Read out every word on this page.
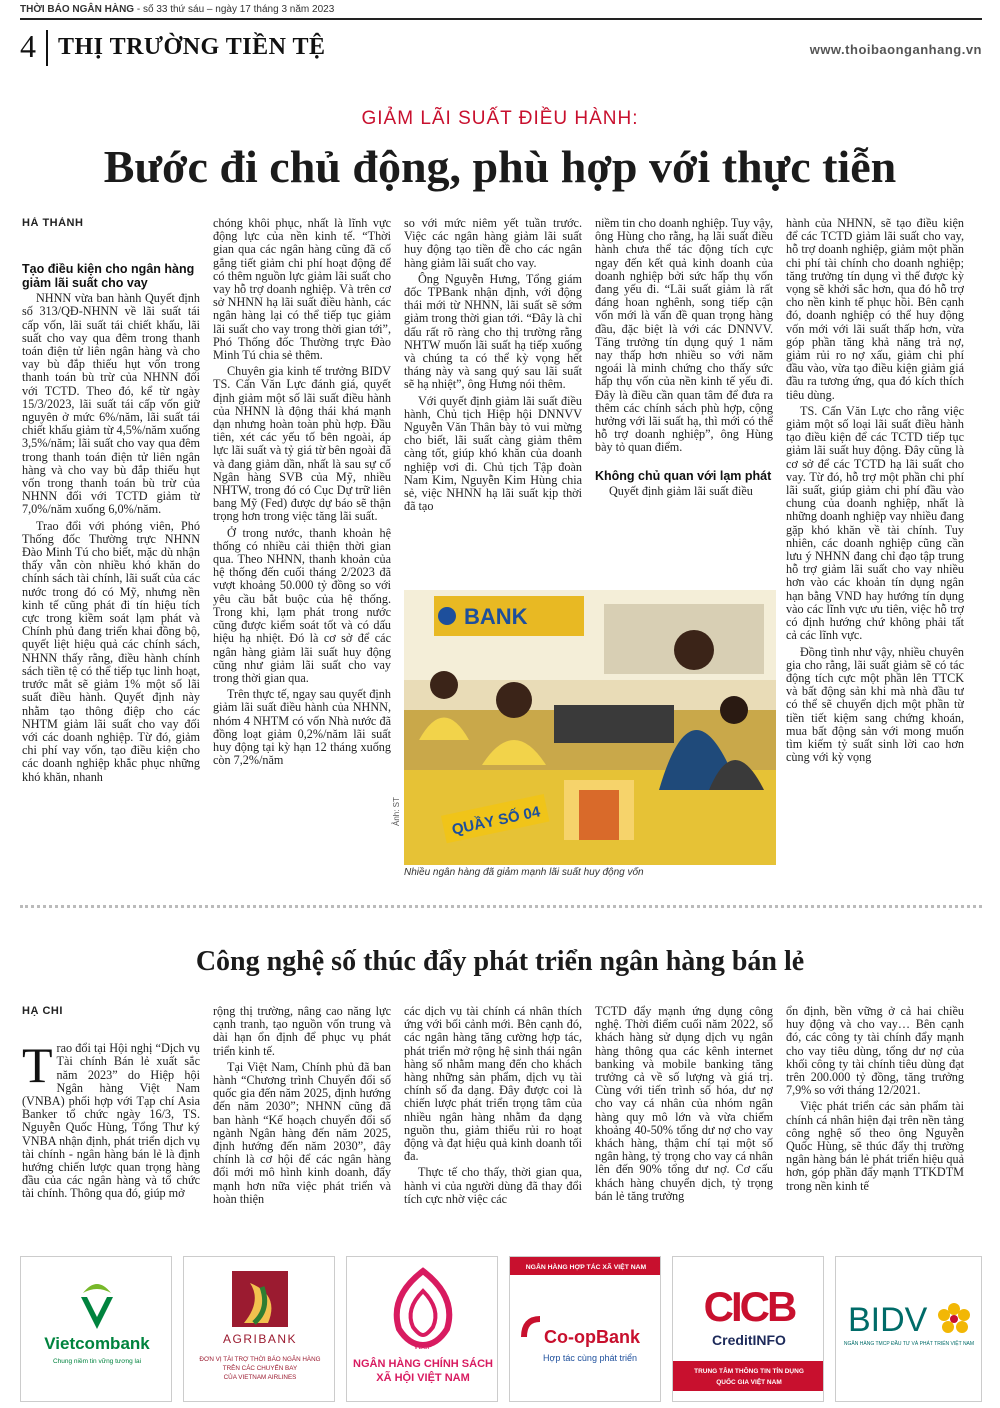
THỜI BÁO NGÂN HÀNG - số 33 thứ sáu – ngày 17 tháng 3 năm 2023
4 THỊ TRƯỜNG TIỀN TỆ	www.thoibaonganhang.vn
GIẢM LÃI SUẤT ĐIỀU HÀNH:
Bước đi chủ động, phù hợp với thực tiễn
HÀ THÀNH
Tạo điều kiện cho ngân hàng giảm lãi suất cho vay

NHNN vừa ban hành Quyết định số 313/QĐ-NHNN về lãi suất tái cấp vốn, lãi suất tái chiết khấu, lãi suất cho vay qua đêm trong thanh toán điện tử liên ngân hàng và cho vay bù đắp thiếu hụt vốn trong thanh toán bù trừ của NHNN đối với TCTD. Theo đó, kể từ ngày 15/3/2023, lãi suất tái cấp vốn giữ nguyên ở mức 6%/năm, lãi suất tái chiết khấu giảm từ 4,5%/năm xuống 3,5%/năm; lãi suất cho vay qua đêm trong thanh toán điện tử liên ngân hàng và cho vay bù đắp thiếu hụt vốn trong thanh toán bù trừ của NHNN đối với TCTD giảm từ 7,0%/năm xuống 6,0%/năm.

Trao đổi với phóng viên, Phó Thống đốc Thường trực NHNN Đào Minh Tú cho biết, mặc dù nhận thấy vẫn còn nhiều khó khăn do chính sách tài chính, lãi suất của các nước trong đó có Mỹ, nhưng nền kinh tế cũng phát đi tín hiệu tích cực trong kiềm soát lạm phát và Chính phủ đang triển khai đồng bộ, quyết liệt hiệu quả các chính sách, NHNN thấy rằng, điều hành chính sách tiền tệ có thể tiếp tục linh hoạt, trước mắt sẽ giảm 1% một số lãi suất điều hành. Quyết định này nhằm tạo thông điệp cho các NHTM giảm lãi suất cho vay đối với các doanh nghiệp. Từ đó, giảm chi phí vay vốn, tạo điều kiện cho các doanh nghiệp khắc phục những khó khăn, nhanh

chóng khôi phục, nhất là lĩnh vực động lực của nền kinh tế. “Thời gian qua các ngân hàng cũng đã cố gắng tiết giảm chi phí hoạt động để có thêm nguồn lực giảm lãi suất cho vay hỗ trợ doanh nghiệp. Và trên cơ sở NHNN hạ lãi suất điều hành, các ngân hàng lại có thể tiếp tục giảm lãi suất cho vay trong thời gian tới”, Phó Thống đốc Thường trực Đào Minh Tú chia sẻ thêm.

Chuyên gia kinh tế trưởng BIDV TS. Cấn Văn Lực đánh giá, quyết định giảm một số lãi suất điều hành của NHNN là động thái khá mạnh dạn nhưng hoàn toàn phù hợp. Đầu tiên, xét các yếu tố bên ngoài, áp lực lãi suất và tỷ giá từ bên ngoài đã và đang giảm dần, nhất là sau sự cố Ngân hàng SVB của Mỹ, nhiều NHTW, trong đó có Cục Dự trữ liên bang Mỹ (Fed) được dự báo sẽ thận trọng hơn trong việc tăng lãi suất.

Ở trong nước, thanh khoản hệ thống có nhiều cải thiện thời gian qua. Theo NHNN, thanh khoản của hệ thống đến cuối tháng 2/2023 đã vượt khoảng 50.000 tỷ đồng so với yêu cầu bắt buộc của hệ thống. Trong khi, lạm phát trong nước cũng được kiểm soát tốt và có dấu hiệu hạ nhiệt. Đó là cơ sở để các ngân hàng giảm lãi suất huy động cũng như giảm lãi suất cho vay trong thời gian qua.

Trên thực tế, ngay sau quyết định giảm lãi suất điều hành của NHNN, nhóm 4 NHTM có vốn Nhà nước đã đồng loạt giảm 0,2%/năm lãi suất huy động tại kỳ hạn 12 tháng xuống còn 7,2%/năm

so với mức niêm yết tuần trước. Việc các ngân hàng giảm lãi suất huy động tạo tiền đề cho các ngân hàng giảm lãi suất cho vay.

Ông Nguyễn Hưng, Tổng giám đốc TPBank nhận định, với động thái mới từ NHNN, lãi suất sẽ sớm giảm trong thời gian tới. “Đây là chỉ dấu rất rõ ràng cho thị trường rằng NHTW muốn lãi suất hạ tiếp xuống và chúng ta có thể kỳ vọng hết tháng này và sang quý sau lãi suất sẽ hạ nhiệt”, ông Hưng nói thêm.

Với quyết định giảm lãi suất điều hành, Chủ tịch Hiệp hội DNNVV Nguyễn Văn Thân bày tỏ vui mừng cho biết, lãi suất càng giảm thêm càng tốt, giúp khó khăn của doanh nghiệp vơi đi. Chủ tịch Tập đoàn Nam Kim, Nguyễn Kim Hùng chia sẻ, việc NHNN hạ lãi suất kịp thời đã tạo

niềm tin cho doanh nghiệp. Tuy vậy, ông Hùng cho rằng, hạ lãi suất điều hành chưa thể tác động tích cực ngay đến kết quả kinh doanh của doanh nghiệp bởi sức hấp thụ vốn đang yếu đi. “Lãi suất giảm là rất đáng hoan nghênh, song tiếp cận vốn mới là vấn đề quan trọng hàng đầu, đặc biệt là với các DNNVV. Tăng trưởng tín dụng quý 1 năm nay thấp hơn nhiều so với năm ngoái là minh chứng cho thấy sức hấp thụ vốn của nền kinh tế yếu đi. Đây là điều cần quan tâm để đưa ra thêm các chính sách phù hợp, cộng hưởng với lãi suất hạ, thì mới có thể hỗ trợ doanh nghiệp”, ông Hùng bày tỏ quan điểm.

Không chủ quan với lạm phát

Quyết định giảm lãi suất điều

hành của NHNN, sẽ tạo điều kiện để các TCTD giảm lãi suất cho vay, hỗ trợ doanh nghiệp, giảm một phần chi phí tài chính cho doanh nghiệp; tăng trưởng tín dụng vì thế được kỳ vọng sẽ khởi sắc hơn, qua đó hỗ trợ cho nền kinh tế phục hồi. Bên cạnh đó, doanh nghiệp có thể huy động vốn mới với lãi suất thấp hơn, vừa góp phần tăng khả năng trả nợ, giảm rủi ro nợ xấu, giảm chi phí đầu vào, vừa tạo điều kiện giảm giá đầu ra tương ứng, qua đó kích thích tiêu dùng.

TS. Cấn Văn Lực cho rằng việc giảm một số loại lãi suất điều hành tạo điều kiện để các TCTD tiếp tục giảm lãi suất huy động. Đây cũng là cơ sở để các TCTD hạ lãi suất cho vay. Từ đó, hỗ trợ một phần chi phí lãi suất, giúp giảm chi phí đầu vào chung của doanh nghiệp, nhất là những doanh nghiệp vay nhiều đang gặp khó khăn về tài chính. Tuy nhiên, các doanh nghiệp cũng cần lưu ý NHNN đang chỉ đạo tập trung hỗ trợ giảm lãi suất cho vay nhiều hơn vào các khoản tín dụng ngân hạn bằng VND hay hướng tín dụng vào các lĩnh vực ưu tiên, việc hỗ trợ có định hướng chứ không phải tất cả các lĩnh vực.

Đồng tình như vậy, nhiều chuyên gia cho rằng, lãi suất giảm sẽ có tác động tích cực một phần lên TTCK và bất động sản khi mà nhà đầu tư có thể sẽ chuyển dịch một phần từ tiền tiết kiệm sang chứng khoán, mua bất động sản với mong muốn tìm kiếm tỷ suất sinh lời cao hơn cùng với kỳ vọng

BANK
QUẦY SỐ 04
Ảnh: ST
Nhiều ngân hàng đã giảm mạnh lãi suất huy động vốn
Công nghệ số thúc đẩy phát triển ngân hàng bán lẻ
HẠ CHI
T rao đổi tại Hội nghị “Dịch vụ Tài chính Bán lẻ xuất sắc năm 2023” do Hiệp hội Ngân hàng Việt Nam (VNBA) phối hợp với Tạp chí Asia Banker tổ chức ngày 16/3, TS. Nguyễn Quốc Hùng, Tổng Thư ký VNBA nhận định, phát triển dịch vụ tài chính - ngân hàng bán lẻ là định hướng chiến lược quan trọng hàng đầu của các ngân hàng và tổ chức tài chính. Thông qua đó, giúp mở

rộng thị trường, nâng cao năng lực cạnh tranh, tạo nguồn vốn trung và dài hạn ổn định để phục vụ phát triển kinh tế.

Tại Việt Nam, Chính phủ đã ban hành “Chương trình Chuyển đổi số quốc gia đến năm 2025, định hướng đến năm 2030”; NHNN cũng đã ban hành “Kế hoạch chuyển đổi số ngành Ngân hàng đến năm 2025, định hướng đến năm 2030”, đây chính là cơ hội để các ngân hàng đổi mới mô hình kinh doanh, đẩy mạnh hơn nữa việc phát triển và hoàn thiện

các dịch vụ tài chính cá nhân thích ứng với bối cảnh mới. Bên cạnh đó, các ngân hàng tăng cường hợp tác, phát triển mở rộng hệ sinh thái ngân hàng số nhằm mang đến cho khách hàng những sản phẩm, dịch vụ tài chính số đa dạng. Đây được coi là chiến lược phát triển trọng tâm của nhiều ngân hàng nhằm đa dạng nguồn thu, giảm thiểu rủi ro hoạt động và đạt hiệu quả kinh doanh tối đa.

Thực tế cho thấy, thời gian qua, hành vi của người dùng đã thay đổi tích cực nhờ việc các

TCTD đẩy mạnh ứng dụng công nghệ. Thời điểm cuối năm 2022, số khách hàng sử dụng dịch vụ ngân hàng thông qua các kênh internet banking và mobile banking tăng trưởng cả về số lượng và giá trị. Cùng với tiến trình số hóa, dư nợ cho vay cá nhân của nhóm ngân hàng quy mô lớn và vừa chiếm khoảng 40-50% tổng dư nợ cho vay khách hàng, thậm chí tại một số ngân hàng, tỷ trọng cho vay cá nhân lên đến 90% tổng dư nợ. Cơ cấu khách hàng chuyển dịch, tỷ trọng bán lẻ tăng trưởng

ổn định, bền vững ở cả hai chiều huy động và cho vay… Bên cạnh đó, các công ty tài chính đẩy mạnh cho vay tiêu dùng, tổng dư nợ của khối công ty tài chính tiêu dùng đạt trên 200.000 tỷ đồng, tăng trưởng 7,9% so với tháng 12/2021.

Việc phát triển các sản phẩm tài chính cá nhân hiện đại trên nền tảng công nghệ số theo ông Nguyễn Quốc Hùng, sẽ thúc đẩy thị trường ngân hàng bán lẻ phát triển hiệu quả hơn, góp phần đẩy mạnh TTKDTM trong nền kinh tế

Vietcombank
Chung niềm tin vững tương lai
AGRIBANK
ĐƠN VỊ TÀI TRỢ THỜI BÁO NGÂN HÀNG
TRÊN CÁC CHUYẾN BAY
CỦA VIETNAM AIRLINES
VBSP
NGÂN HÀNG CHÍNH SÁCH
XÃ HỘI VIỆT NAM
NGÂN HÀNG HỢP TÁC XÃ VIỆT NAM
Co-opBank
Hợp tác cùng phát triển
CICB
CreditINFO
TRUNG TÂM THÔNG TIN TÍN DỤNG
QUỐC GIA VIỆT NAM
BIDV
NGÂN HÀNG TMCP ĐẦU TƯ VÀ PHÁT TRIỂN VIỆT NAM
